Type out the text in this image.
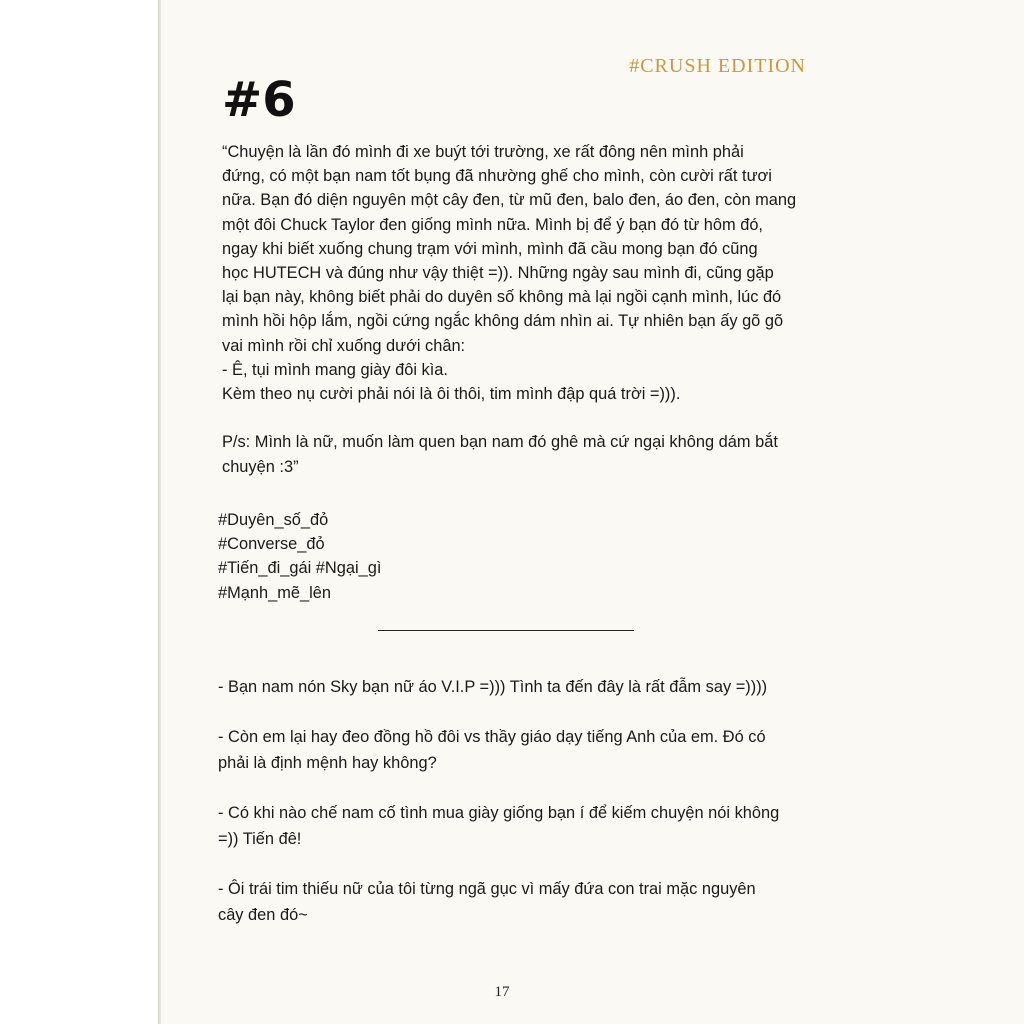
#CRUSH EDITION
#6
“Chuyện là lần đó mình đi xe buýt tới trường, xe rất đông nên mình phải
đứng, có một bạn nam tốt bụng đã nhường ghế cho mình, còn cười rất tươi
nữa. Bạn đó diện nguyên một cây đen, từ mũ đen, balo đen, áo đen, còn mang
một đôi Chuck Taylor đen giống mình nữa. Mình bị để ý bạn đó từ hôm đó,
ngay khi biết xuống chung trạm với mình, mình đã cầu mong bạn đó cũng
học HUTECH và đúng như vậy thiệt =)). Những ngày sau mình đi, cũng gặp
lại bạn này, không biết phải do duyên số không mà lại ngồi cạnh mình, lúc đó
mình hồi hộp lắm, ngồi cứng ngắc không dám nhìn ai. Tự nhiên bạn ấy gõ gõ
vai mình rồi chỉ xuống dưới chân:
- Ê, tụi mình mang giày đôi kìa.
Kèm theo nụ cười phải nói là ôi thôi, tim mình đập quá trời =))).
P/s: Mình là nữ, muốn làm quen bạn nam đó ghê mà cứ ngại không dám bắt
chuyện :3”
#Duyên_số_đỏ
#Converse_đỏ
#Tiến_đi_gái #Ngại_gì
#Mạnh_mẽ_lên
- Bạn nam nón Sky bạn nữ áo V.I.P =))) Tình ta đến đây là rất đẫm say =))))
- Còn em lại hay đeo đồng hồ đôi vs thầy giáo dạy tiếng Anh của em. Đó có
phải là định mệnh hay không?
- Có khi nào chế nam cố tình mua giày giống bạn í để kiếm chuyện nói không
=)) Tiến đê!
- Ôi trái tim thiếu nữ của tôi từng ngã gục vì mấy đứa con trai mặc nguyên
cây đen đó~
17
